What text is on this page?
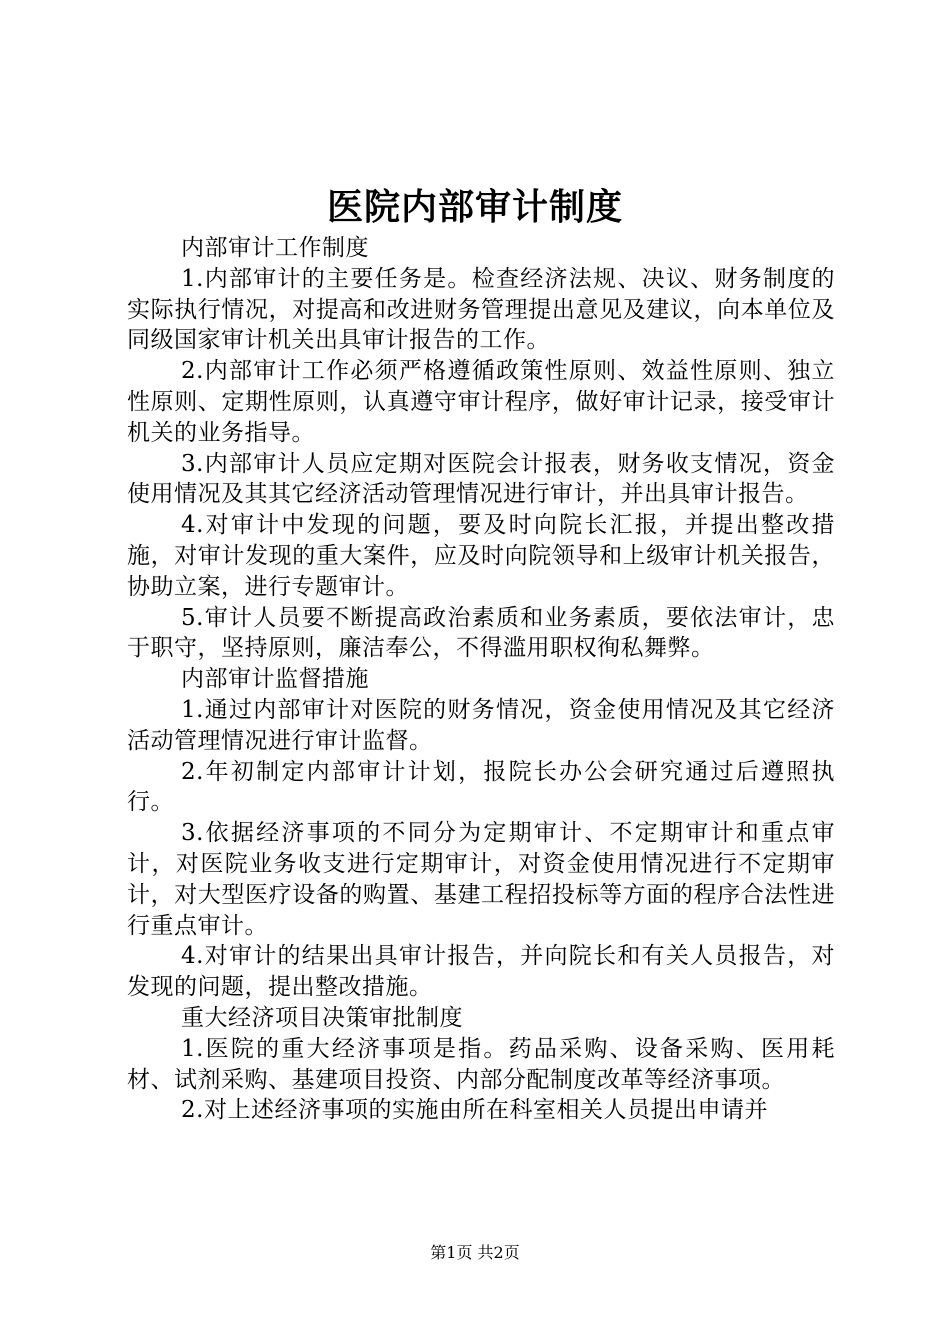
医院内部审计制度

内部审计工作制度

1.内部审计的主要任务是。检查经济法规、决议、财务制度的实际执行情况，对提高和改进财务管理提出意见及建议，向本单位及同级国家审计机关出具审计报告的工作。

2.内部审计工作必须严格遵循政策性原则、效益性原则、独立性原则、定期性原则，认真遵守审计程序，做好审计记录，接受审计机关的业务指导。

3.内部审计人员应定期对医院会计报表，财务收支情况，资金使用情况及其其它经济活动管理情况进行审计，并出具审计报告。

4.对审计中发现的问题，要及时向院长汇报，并提出整改措施，对审计发现的重大案件，应及时向院领导和上级审计机关报告，协助立案，进行专题审计。

5.审计人员要不断提高政治素质和业务素质，要依法审计，忠于职守，坚持原则，廉洁奉公，不得滥用职权徇私舞弊。

内部审计监督措施

1.通过内部审计对医院的财务情况，资金使用情况及其它经济活动管理情况进行审计监督。

2.年初制定内部审计计划，报院长办公会研究通过后遵照执行。

3.依据经济事项的不同分为定期审计、不定期审计和重点审计，对医院业务收支进行定期审计，对资金使用情况进行不定期审计，对大型医疗设备的购置、基建工程招投标等方面的程序合法性进行重点审计。

4.对审计的结果出具审计报告，并向院长和有关人员报告，对发现的问题，提出整改措施。

重大经济项目决策审批制度

1.医院的重大经济事项是指。药品采购、设备采购、医用耗材、试剂采购、基建项目投资、内部分配制度改革等经济事项。

2.对上述经济事项的实施由所在科室相关人员提出申请并

第1页 共2页
